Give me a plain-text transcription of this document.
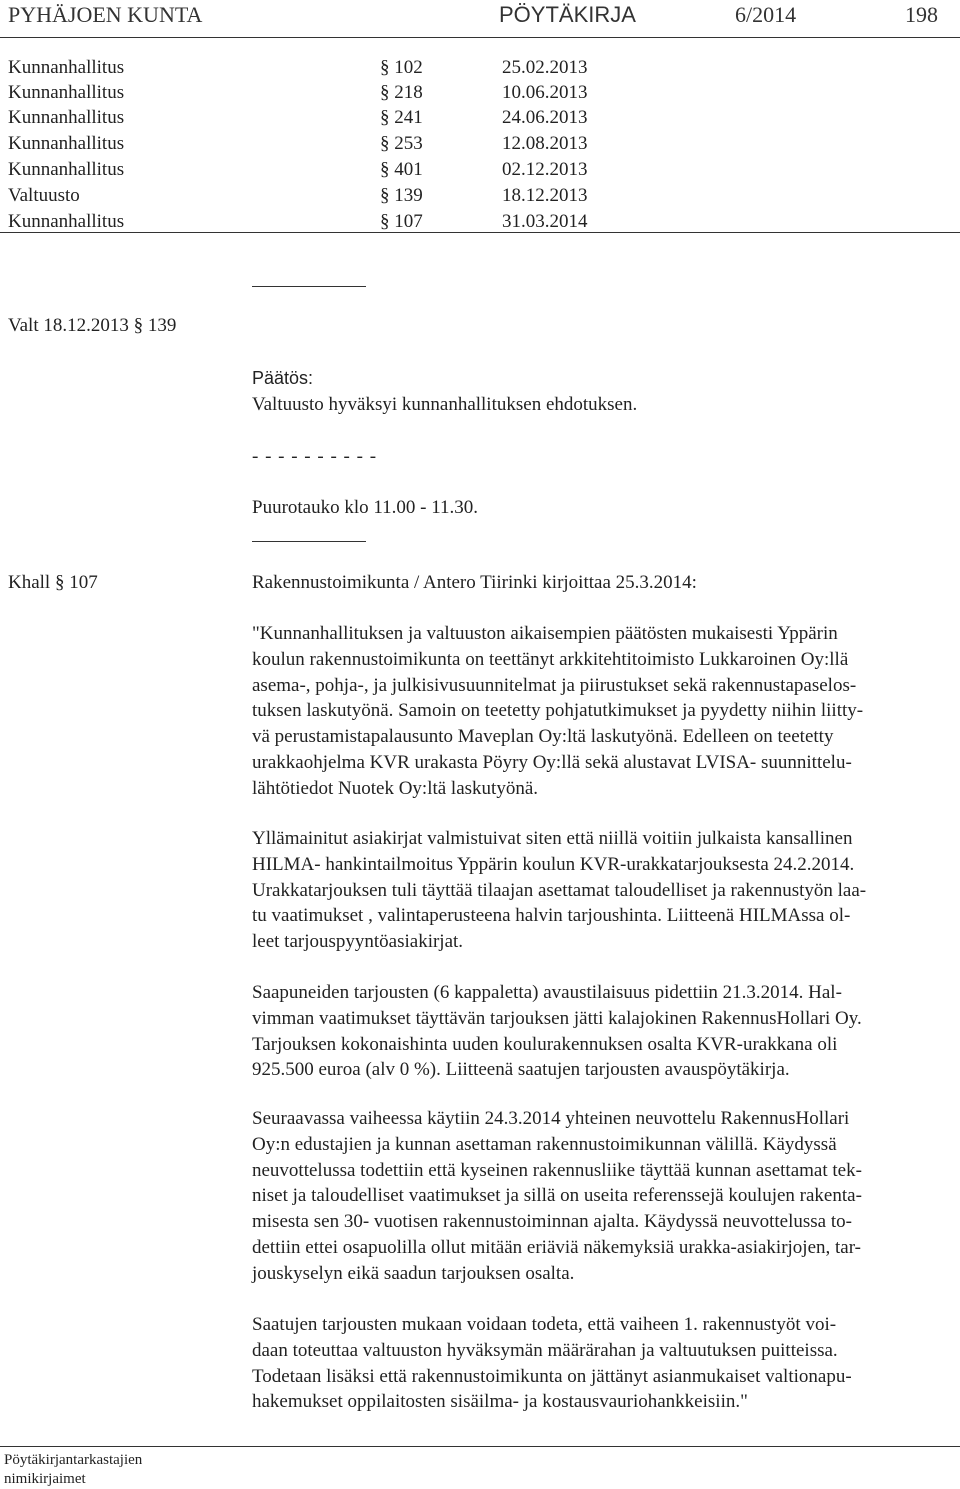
PYHÄJOEN KUNTA	PÖYTÄKIRJA	6/2014	198
Kunnanhallitus	§ 102	25.02.2013
Kunnanhallitus	§ 218	10.06.2013
Kunnanhallitus	§ 241	24.06.2013
Kunnanhallitus	§ 253	12.08.2013
Kunnanhallitus	§ 401	02.12.2013
Valtuusto	§ 139	18.12.2013
Kunnanhallitus	§ 107	31.03.2014
Valt 18.12.2013 § 139
Päätös:
Valtuusto hyväksyi kunnanhallituksen ehdotuksen.
- - - - - - - - - -
Puurotauko klo 11.00 - 11.30.
Khall § 107	Rakennustoimikunta / Antero Tiirinki kirjoittaa 25.3.2014:
"Kunnanhallituksen ja valtuuston aikaisempien päätösten mukaisesti Yppärin
koulun rakennustoimikunta on teettänyt arkkitehtitoimisto Lukkaroinen Oy:llä
asema-, pohja-, ja julkisivusuunnitelmat ja piirustukset sekä rakennustapaselos-
tuksen laskutyönä. Samoin on teetetty pohjatutkimukset ja pyydetty niihin liitty-
vä perustamistapalausunto Maveplan Oy:ltä laskutyönä. Edelleen on teetetty
urakkaohjelma KVR urakasta Pöyry Oy:llä sekä alustavat LVISA- suunnittelu-
lähtötiedot Nuotek Oy:ltä laskutyönä.
Yllämainitut asiakirjat valmistuivat siten että niillä voitiin julkaista kansallinen
HILMA- hankintailmoitus Yppärin koulun KVR-urakkatarjouksesta 24.2.2014.
Urakkatarjouksen tuli täyttää tilaajan asettamat taloudelliset ja rakennustyön laa-
tu vaatimukset , valintaperusteena halvin tarjoushinta. Liitteenä HILMAssa ol-
leet tarjouspyyntöasiakirjat.
Saapuneiden tarjousten (6 kappaletta) avaustilaisuus pidettiin 21.3.2014. Hal-
vimman vaatimukset täyttävän tarjouksen jätti kalajokinen RakennusHollari Oy.
Tarjouksen kokonaishinta uuden koulurakennuksen osalta KVR-urakkana oli
925.500 euroa (alv 0 %). Liitteenä saatujen tarjousten avauspöytäkirja.
Seuraavassa vaiheessa käytiin 24.3.2014 yhteinen neuvottelu RakennusHollari
Oy:n edustajien ja kunnan asettaman rakennustoimikunnan välillä. Käydyssä
neuvottelussa todettiin että kyseinen rakennusliike täyttää kunnan asettamat tek-
niset ja taloudelliset vaatimukset ja sillä on useita referenssejä koulujen rakenta-
misesta sen 30- vuotisen rakennustoiminnan ajalta. Käydyssä neuvottelussa to-
dettiin ettei osapuolilla ollut mitään eriäviä näkemyksiä urakka-asiakirjojen, tar-
jouskyselyn eikä saadun tarjouksen osalta.
Saatujen tarjousten mukaan voidaan todeta, että vaiheen 1. rakennustyöt voi-
daan toteuttaa valtuuston hyväksymän määrärahan ja valtuutuksen puitteissa.
Todetaan lisäksi että rakennustoimikunta on jättänyt asianmukaiset valtionapu-
hakemukset oppilaitosten sisäilma- ja kostausvauriohankkeisiin."
Pöytäkirjantarkastajien
nimikirjaimet
